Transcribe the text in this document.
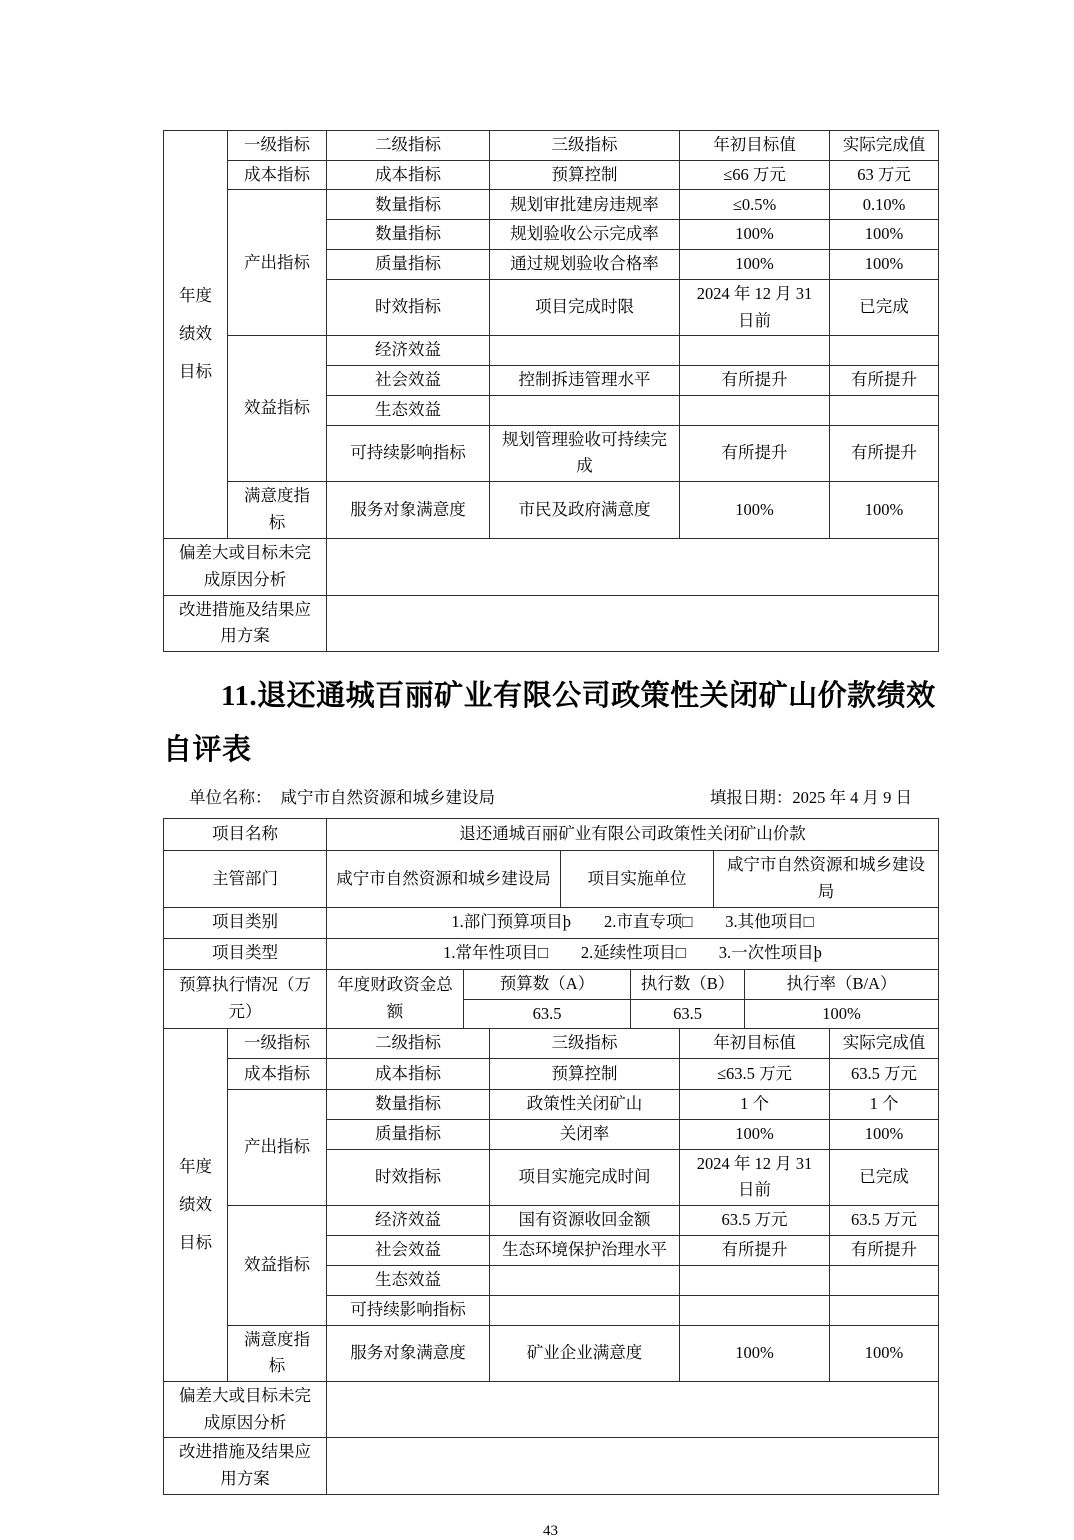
年度绩效目标	一级指标	二级指标	三级指标	年初目标值	实际完成值
	成本指标	成本指标	预算控制	≤66 万元	63 万元
	产出指标	数量指标	规划审批建房违规率	≤0.5%	0.10%
		数量指标	规划验收公示完成率	100%	100%
		质量指标	通过规划验收合格率	100%	100%
		时效指标	项目完成时限	2024 年 12 月 31 日前	已完成
	效益指标	经济效益			
		社会效益	控制拆违管理水平	有所提升	有所提升
		生态效益			
		可持续影响指标	规划管理验收可持续完成	有所提升	有所提升
	满意度指标	服务对象满意度	市民及政府满意度	100%	100%
偏差大或目标未完成原因分析					
改进措施及结果应用方案					
11.退还通城百丽矿业有限公司政策性关闭矿山价款绩效自评表
单位名称： 咸宁市自然资源和城乡建设局	填报日期：2025 年 4 月 9 日
项目名称	退还通城百丽矿业有限公司政策性关闭矿山价款		
主管部门	咸宁市自然资源和城乡建设局	项目实施单位	咸宁市自然资源和城乡建设局
项目类别	1.部门预算项目þ　　2.市直专项□　　3.其他项目□		
项目类型	1.常年性项目□　　2.延续性项目□　　3.一次性项目þ		
预算执行情况（万元）	年度财政资金总额	预算数（A）	执行数（B）	执行率（B/A）
		63.5	63.5	100%
年度绩效目标	一级指标	二级指标	三级指标	年初目标值	实际完成值
	成本指标	成本指标	预算控制	≤63.5 万元	63.5 万元
	产出指标	数量指标	政策性关闭矿山	1 个	1 个
		质量指标	关闭率	100%	100%
		时效指标	项目实施完成时间	2024 年 12 月 31 日前	已完成
	效益指标	经济效益	国有资源收回金额	63.5 万元	63.5 万元
		社会效益	生态环境保护治理水平	有所提升	有所提升
		生态效益			
		可持续影响指标			
	满意度指标	服务对象满意度	矿业企业满意度	100%	100%
偏差大或目标未完成原因分析					
改进措施及结果应用方案					
43
